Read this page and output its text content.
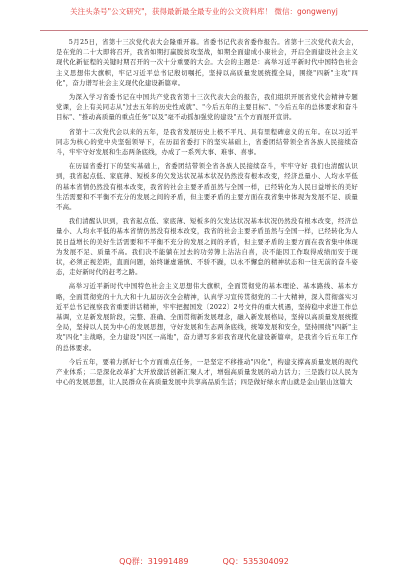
关注头条号"公文研究"，获得最新最全最专业的公文资料库！ 微信：gongwenyj

5月25日，省第十三次党代表大会隆重开幕。省委书记代表省委作报告。省第十三次党代表大会，是在党的二十大即将召开，我省如期打赢脱贫攻坚战，如期全面建成小康社会，开启全面建设社会主义现代化新征程的关键时期召开的一次十分重要的大会。大会的主题是：高举习近平新时代中国特色社会主义思想伟大旗帜，牢记习近平总书记殷切嘱托，坚持以高质量发展统揽全局，围绕"四新"主攻"四化"，奋力谱写社会主义现代化建设新篇章。

为深入学习省委书记在中国共产党我省第十三次代表大会的报告，我们组织开展省党代会精神专题党课，会上有关同志从"过去五年的历史性成就"、"今后五年的主要目标"、"今后五年的总体要求和奋斗目标"、"推动高质量的重点任务"以及"毫不动摇加强党的建设"五个方面展开宣讲。

省第十二次党代会以来的五年，是我省发展历史上极不平凡、具有里程碑意义的五年。在以习近平同志为核心的党中央坚强领导下，在历届省委打下的坚实基础上，省委团结带领全省各族人民接续奋斗，牢牢守好发展和生态两条底线，办成了一系列大事、难事、喜事。

在历届省委打下的坚实基础上，省委团结带领全省各族人民接续奋斗，牢牢守好 我们也清醒认识到，我省起点低、家底薄、短板多的欠发达状况基本状况仍然没有根本改变，经济总量小、人均水平低的基本省情仍然没有根本改变，我省的社会主要矛盾虽然与全国一样，已经转化为人民日益增长的美好生活需要和不平衡不充分的发展之间的矛盾，但主要矛盾的主要方面在我省集中体现为发展不足、质量不高。

我们清醒认识到，我省起点低、家底薄、短板多的欠发达状况基本状况仍然没有根本改变，经济总量小、人均水平低的基本省情仍然没有根本改变，我省的社会主要矛盾虽然与全国一样，已经转化为人民日益增长的美好生活需要和不平衡不充分的发展之间的矛盾，但主要矛盾的主要方面在我省集中体现为发展不足、质量不高。我们决不能躺在过去的功劳簿上沾沾自喜，决不能因工作取得成绩而安于现状，必须正视差距，直面问题，始终谦虚谨慎、不骄不躁，以永不懈怠的精神状态和一往无前的奋斗姿态，走好新时代的赶考之路。

高举习近平新时代中国特色社会主义思想伟大旗帜，全面贯彻党的基本理论、基本路线、基本方略，全面贯彻党的十九大和十九届历次全会精神，认真学习宣传贯彻党的二十大精神，深入贯彻落实习近平总书记视察我省重要讲话精神，牢牢把握国发〔2022〕2号文件的重大机遇，坚持稳中求进工作总基调，立足新发展阶段，完整、准确、全面贯彻新发展理念，融入新发展格局，坚持以高质量发展统揽全局，坚持以人民为中心的发展思想，守好发展和生态两条底线，统筹发展和安全，坚持围绕"四新"主攻"四化"主战略，全力建设"四区一高地"，奋力谱写多彩我省现代化建设新篇章，是我省今后五年工作的总体要求。

今后五年，要着力抓好七个方面重点任务，一是坚定不移推动"四化"，构建支撑高质量发展的现代产业体系；二是深化改革扩大开放激活创新汇聚人才，增强高质量发展的动力活力；三是践行以人民为中心的发展思想，让人民群众在高质量发展中共享高品质生活；四是做好绿水青山就是金山银山这篇大

QQ群：31991489	QQ：535304092
